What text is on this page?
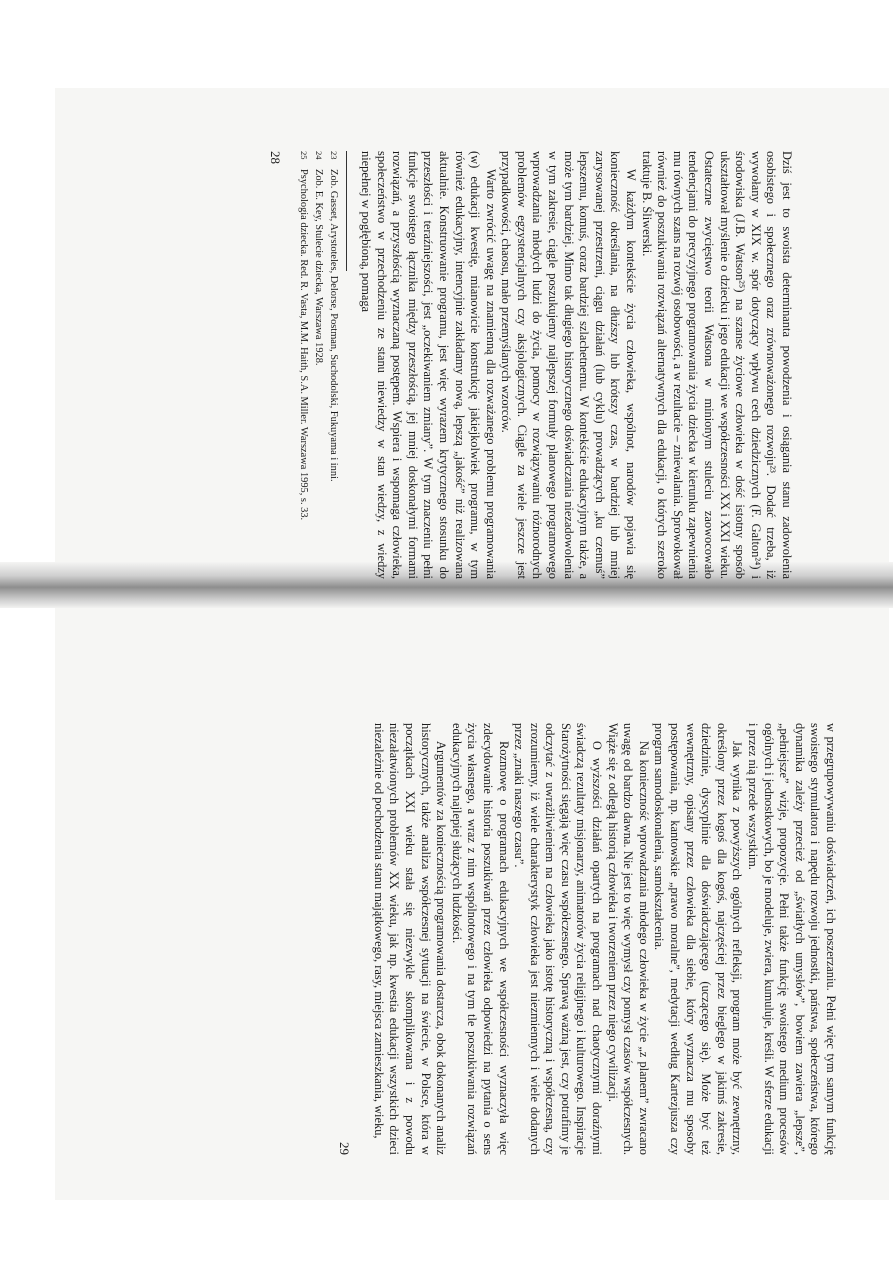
Dziś jest to swoista determinanta powodzenia i osiągania stanu zadowolenia osobistego i społecznego oraz zrównoważonego rozwoju²³. Dodać trzeba, iż wywołany w XIX w. spór dotyczący wpływu cech dziedzicznych (F. Galton²⁴) i środowiska (J.B. Watson²⁵) na szanse życiowe człowieka w dość istotny sposób ukształtował myślenie o dziecku i jego edukacji we współczesności XX i XXI wieku. Ostateczne zwycięstwo teorii Watsona w minionym stuleciu zaowocowało tendencjami do precyzyjnego programowania życia dziecka w kierunku zapewnienia mu równych szans na rozwój osobowości, a w rezultacie – zniewalania. Sprowokował również do poszukiwania rozwiązań alternatywnych dla edukacji, o których szeroko traktuje B. Śliwerski.

W każdym kontekście życia człowieka, wspólnot, narodów pojawia się konieczność określania, na dłuższy lub krótszy czas, w bardziej lub mniej zarysowanej przestrzeni, ciągu działań (lub cyklu) prowadzących „ku czemuś” lepszemu, komuś, coraz bardziej szlachetnemu. W kontekście edukacyjnym także, a może tym bardziej. Mimo tak długiego historycznego doświadczania niezadowolenia w tym zakresie, ciągle poszukujemy najlepszej formuły planowego programowego wprowadzania młodych ludzi do życia, pomocy w rozwiązywaniu różnorodnych problemów egzystencjalnych czy aksjologicznych. Ciągle za wiele jeszcze jest przypadkowości, chaosu, mało przemyślanych wzorców.

Warto zwrócić uwagę na znamienną dla rozważanego problemu programowania (w) edukacji kwestię, mianowicie konstrukcję jakiejkolwiek programu, w tym również edukacyjny, intencyjnie zakładamy nową, lepszą „jakość” niż realizowana aktualnie. Konstruowanie programu, jest więc wyrazem krytycznego stosunku do przeszłości i teraźniejszości, jest „oczekiwaniem zmiany”. W tym znaczeniu pełni funkcje swoistego łącznika między przeszłością, jej mniej doskonałymi formami rozwiązań, a przyszłością wyznaczaną postępem. Wspiera i wspomaga człowieka, społeczeństwo w przechodzeniu ze stanu niewiedzy w stan wiedzy, z wiedzy niepełnej w pogłębioną, pomaga

23
Zob. Gasset, Arystoteles, Delorse, Postman, Suchodolski, Fukuyama i inni.
24
Zob. E. Key, Stulecie dziecka, Warszawa 1928.
25
Psychologia dziecka. Red. R. Vasta, M.M. Haith, S.A. Miller. Warszawa 1995, s. 33.
28

w przegrupowywaniu doświadczeń, ich poszerzaniu. Pełni więc tym samym funkcję swoistego stymulatora i napędu rozwoju jednostki, państwa, społeczeństwa, którego dynamika zależy przecież od „światłych umysłów”, bowiem zawiera „lepsze”, „pełniejsze” wizje, propozycje. Pełni także funkcję swoistego medium procesów ogólnych i jednostkowych, bo je modeluje, zwiera, kumuluje, kreśli. W sferze edukacji i przez nią przede wszystkim.

Jak wynika z powyższych ogólnych refleksji, program może być zewnętrzny, określony przez kogoś dla kogoś, najczęściej przez bieglego w jakimś zakresie, dziedzinie, dyscyplinie dla doświadczającego (uczącego się). Może być też wewnętrzny, opisany przez człowieka dla siebie, który wyznacza mu sposoby postępowania, np. kantowskie „prawo moralne”, medytacji według Kartezjusza czy program samodoskonalenia, samokształcenia.

Na konieczność wprowadzania młodego człowieka w życie „z planem” zwracano uwagę od bardzo dawna. Nie jest to więc wymysł czy pomysł czasów współczesnych. Wiąże się z odległą historią człowieka i tworzeniem przez niego cywilizacji.

O wyższości działań opartych na programach nad chaotycznymi doraźnymi świadczą rezultaty misjonarzy, animatorów życia religijnego i kulturowego. Inspiracje Starożytności sięgają więc czasu współczesnego. Sprawą ważną jest, czy potrafimy je odczytać z uwrażliwieniem na człowieka jako istotę historyczną i współczesną, czy zrozumiemy, iż wiele charakterystyk człowieka jest niezmiennych i wiele dodanych przez „znaki naszego czasu”.

Rozmowę o programach edukacyjnych we współczesności wyznaczyła więc zdecydowanie historia poszukiwań przez człowieka odpowiedzi na pytania o sens życia własnego, a wraz z nim wspólnotowego i na tym tle poszukiwania rozwiązań edukacyjnych najlepiej służących ludzkości.

Argumentów za koniecznością programowania dostarcza, obok dokonanych analiz historycznych, także analiza współczesnej sytuacji na świecie, w Polsce, która w początkach XXI wieku stała się niezwykle skomplikowana i z powodu niezałatwionych problemów XX wieku, jak np. kwestia edukacji wszystkich dzieci niezależnie od pochodzenia stanu majątkowego, rasy, miejsca zamieszkania, wieku,

29
